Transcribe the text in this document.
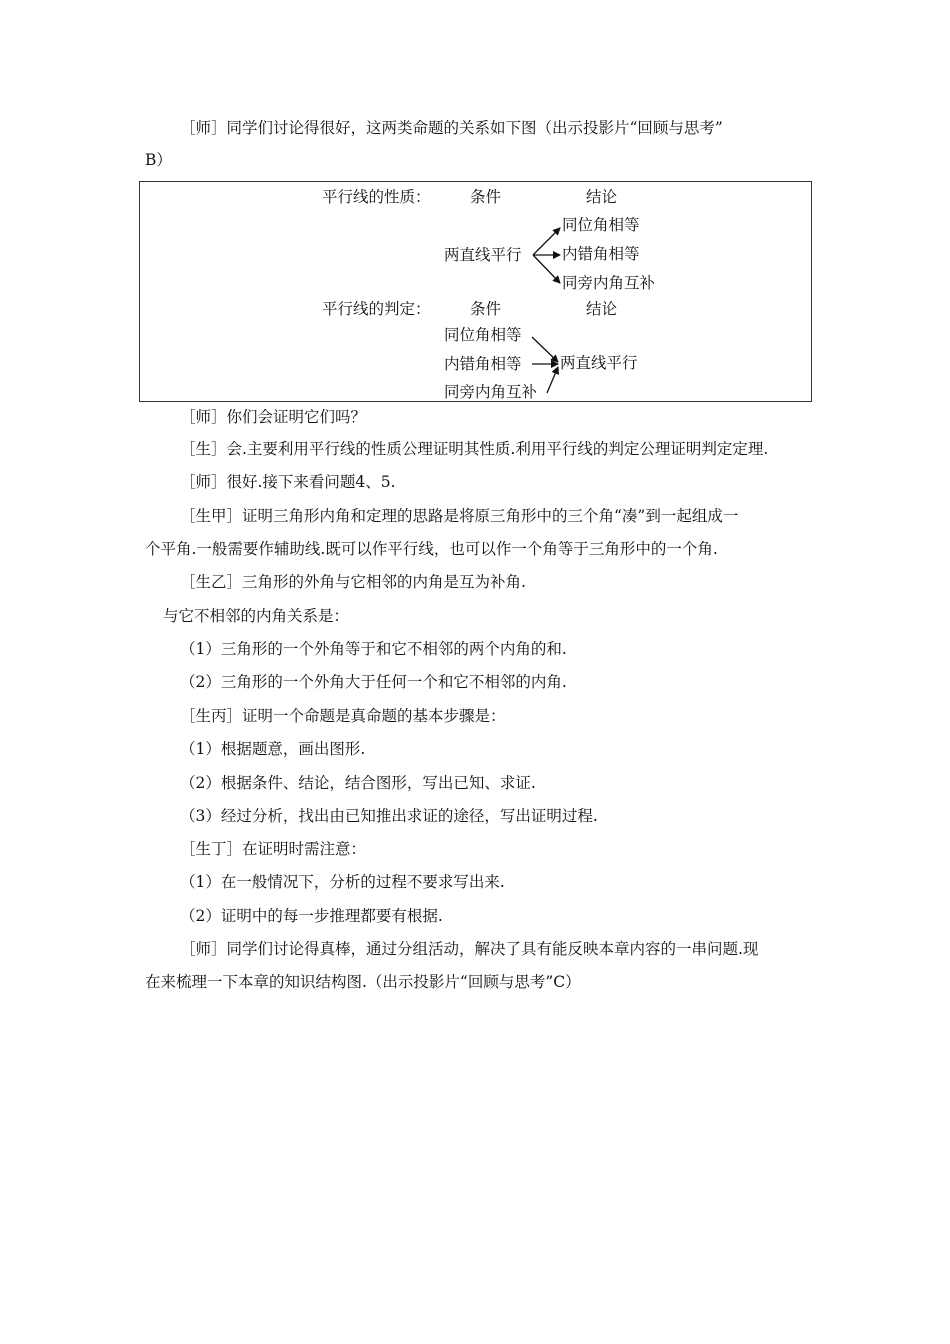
［师］同学们讨论得很好，这两类命题的关系如下图（出示投影片“回顾与思考”
B）
平行线的性质：	条件	结论
两直线平行
同位角相等
内错角相等
同旁内角互补
平行线的判定：	条件	结论
同位角相等
内错角相等
同旁内角互补
两直线平行
［师］你们会证明它们吗？
［生］会.主要利用平行线的性质公理证明其性质.利用平行线的判定公理证明判定定理.
［师］很好.接下来看问题4、5.
［生甲］证明三角形内角和定理的思路是将原三角形中的三个角“凑”到一起组成一
个平角.一般需要作辅助线.既可以作平行线，也可以作一个角等于三角形中的一个角.
［生乙］三角形的外角与它相邻的内角是互为补角.
与它不相邻的内角关系是：
（1）三角形的一个外角等于和它不相邻的两个内角的和.
（2）三角形的一个外角大于任何一个和它不相邻的内角.
［生丙］证明一个命题是真命题的基本步骤是：
（1）根据题意，画出图形.
（2）根据条件、结论，结合图形，写出已知、求证.
（3）经过分析，找出由已知推出求证的途径，写出证明过程.
［生丁］在证明时需注意：
（1）在一般情况下，分析的过程不要求写出来.
（2）证明中的每一步推理都要有根据.
［师］同学们讨论得真棒，通过分组活动，解决了具有能反映本章内容的一串问题.现
在来梳理一下本章的知识结构图.（出示投影片“回顾与思考”C）
